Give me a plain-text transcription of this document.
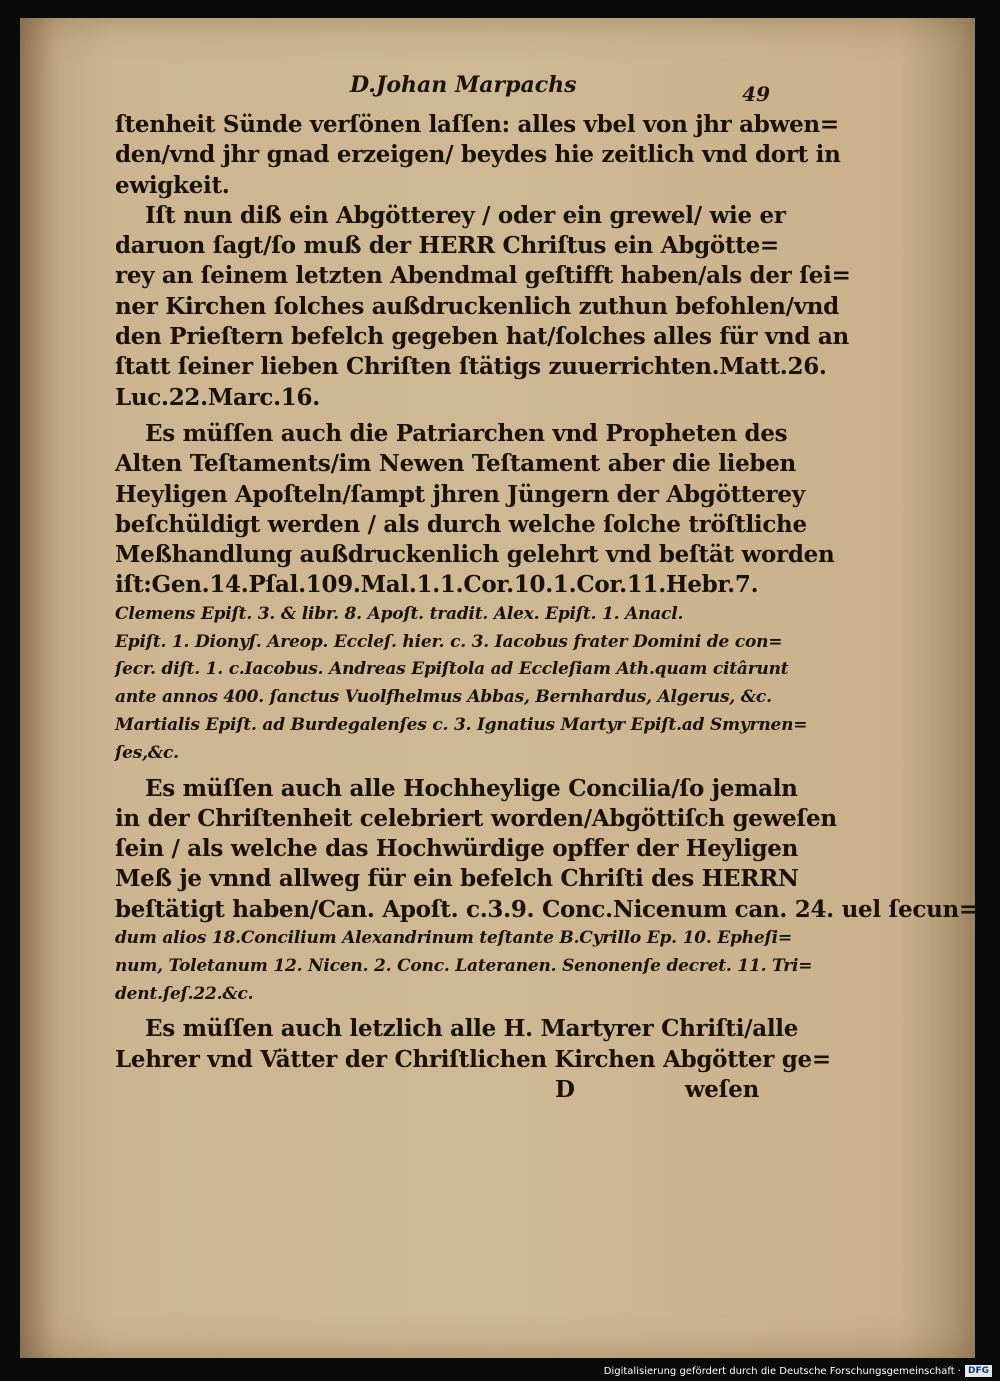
D.Johan Marpachs	49
ſtenheit Sünde verſönen laſſen: alles vbel von jhr abwen=
den/vnd jhr gnad erzeigen/ beydes hie zeitlich vnd dort in
ewigkeit.
Iſt nun diß ein Abgötterey / oder ein grewel/ wie er
daruon ſagt/ſo muß der HERR Chriſtus ein Abgötte=
rey an ſeinem letzten Abendmal geſtifft haben/als der ſei=
ner Kirchen ſolches außdruckenlich zuthun befohlen/vnd
den Prieſtern befelch gegeben hat/ſolches alles für vnd an
ſtatt ſeiner lieben Chriſten ſtätigs zuuerrichten.Matt.26.
Luc.22.Marc.16.
Es müſſen auch die Patriarchen vnd Propheten des
Alten Teſtaments/im Newen Teſtament aber die lieben
Heyligen Apoſteln/ſampt jhren Jüngern der Abgötterey
beſchüldigt werden / als durch welche ſolche tröſtliche
Meßhandlung außdruckenlich gelehrt vnd beſtät worden
iſt:Gen.14.Pſal.109.Mal.1.1.Cor.10.1.Cor.11.Hebr.7.
Clemens Epiſt. 3. & libr. 8. Apoſt. tradit. Alex. Epiſt. 1. Anacl.
Epiſt. 1. Dionyſ. Areop. Eccleſ. hier. c. 3. Iacobus frater Domini de con=
ſecr. diſt. 1. c.Iacobus. Andreas Epiſtola ad Eccleſiam Ath.quam citârunt
ante annos 400. ſanctus Vuolfhelmus Abbas, Bernhardus, Algerus, &c.
Martialis Epiſt. ad Burdegalenſes c. 3. Ignatius Martyr Epiſt.ad Smyrnen=
ſes,&c.
Es müſſen auch alle Hochheylige Concilia/ſo jemaln
in der Chriſtenheit celebriert worden/Abgöttiſch geweſen
ſein / als welche das Hochwürdige opffer der Heyligen
Meß je vnnd allweg für ein befelch Chriſti des HERRN
beſtätigt haben/Can. Apoſt. c.3.9. Conc.Nicenum can. 24. uel ſecun=
dum alios 18.Concilium Alexandrinum teſtante B.Cyrillo Ep. 10. Epheſi=
num, Toletanum 12. Nicen. 2. Conc. Lateranen. Senonenſe decret. 11. Tri=
dent.ſeſ.22.&c.
Es müſſen auch letzlich alle H. Martyrer Chriſti/alle
Lehrer vnd Vätter der Chriſtlichen Kirchen Abgötter ge=
D	weſen
Digitalisierung gefördert durch die Deutsche Forschungsgemeinschaft · DFG
